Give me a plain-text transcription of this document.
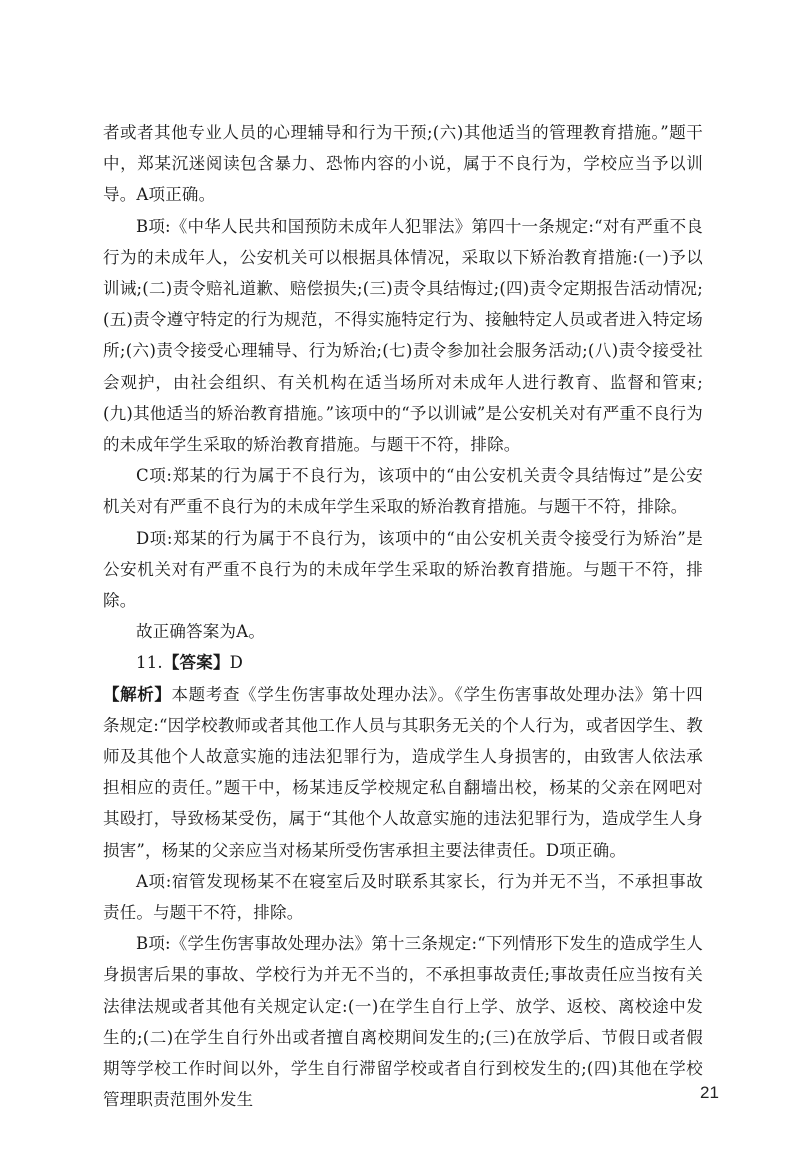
者或者其他专业人员的心理辅导和行为干预;(六)其他适当的管理教育措施。”题干中，郑某沉迷阅读包含暴力、恐怖内容的小说，属于不良行为，学校应当予以训导。A项正确。

B项:《中华人民共和国预防未成年人犯罪法》第四十一条规定:“对有严重不良行为的未成年人，公安机关可以根据具体情况，采取以下矫治教育措施:(一)予以训诫;(二)责令赔礼道歉、赔偿损失;(三)责令具结悔过;(四)责令定期报告活动情况;(五)责令遵守特定的行为规范，不得实施特定行为、接触特定人员或者进入特定场所;(六)责令接受心理辅导、行为矫治;(七)责令参加社会服务活动;(八)责令接受社会观护，由社会组织、有关机构在适当场所对未成年人进行教育、监督和管束;(九)其他适当的矫治教育措施。”该项中的“予以训诫”是公安机关对有严重不良行为的未成年学生采取的矫治教育措施。与题干不符，排除。

C项:郑某的行为属于不良行为，该项中的“由公安机关责令具结悔过”是公安机关对有严重不良行为的未成年学生采取的矫治教育措施。与题干不符，排除。

D项:郑某的行为属于不良行为，该项中的“由公安机关责令接受行为矫治”是公安机关对有严重不良行为的未成年学生采取的矫治教育措施。与题干不符，排除。

故正确答案为A。

11.【答案】D

【解析】本题考查《学生伤害事故处理办法》。《学生伤害事故处理办法》第十四条规定:“因学校教师或者其他工作人员与其职务无关的个人行为，或者因学生、教师及其他个人故意实施的违法犯罪行为，造成学生人身损害的，由致害人依法承担相应的责任。”题干中，杨某违反学校规定私自翻墙出校，杨某的父亲在网吧对其殴打，导致杨某受伤，属于“其他个人故意实施的违法犯罪行为，造成学生人身损害”，杨某的父亲应当对杨某所受伤害承担主要法律责任。D项正确。

A项:宿管发现杨某不在寝室后及时联系其家长，行为并无不当，不承担事故责任。与题干不符，排除。

B项:《学生伤害事故处理办法》第十三条规定:“下列情形下发生的造成学生人身损害后果的事故、学校行为并无不当的，不承担事故责任;事故责任应当按有关法律法规或者其他有关规定认定:(一)在学生自行上学、放学、返校、离校途中发生的;(二)在学生自行外出或者擅自离校期间发生的;(三)在放学后、节假日或者假期等学校工作时间以外，学生自行滞留学校或者自行到校发生的;(四)其他在学校管理职责范围外发生	21
